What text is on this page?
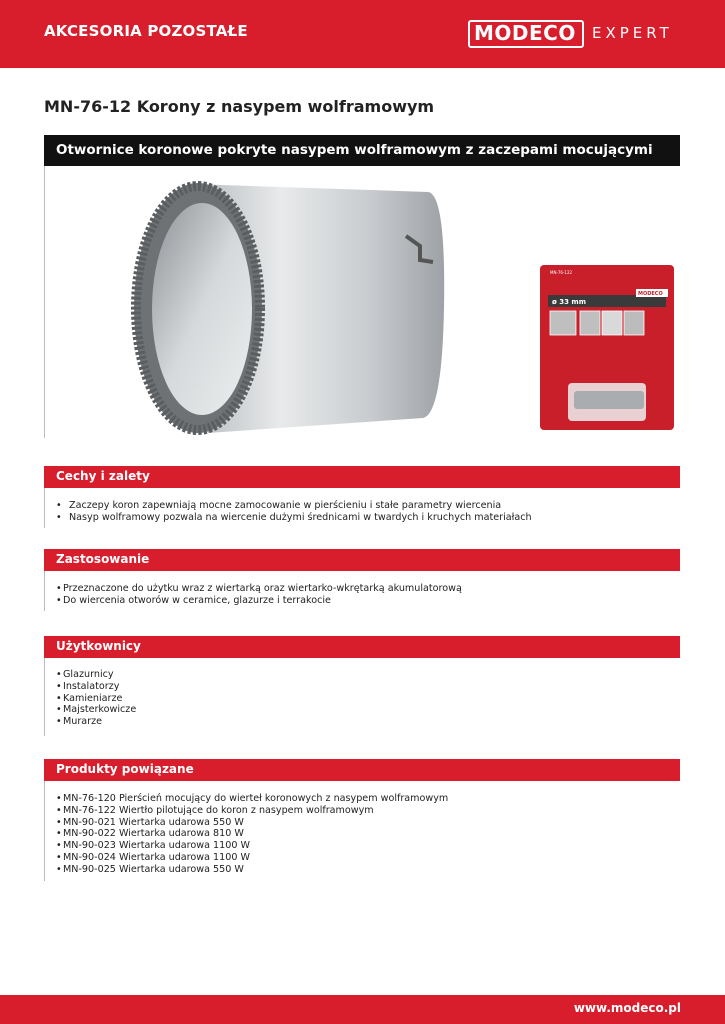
AKCESORIA POZOSTAŁE	MODECO EXPERT
MN-76-12 Korony z nasypem wolframowym
Otwornice koronowe pokryte nasypem wolframowym z zaczepami mocującymi
MN-76-122
ø 33 mm
MODECO
Cechy i zalety
• Zaczepy koron zapewniają mocne zamocowanie w pierścieniu i stałe parametry wiercenia
• Nasyp wolframowy pozwala na wiercenie dużymi średnicami w twardych i kruchych materiałach
Zastosowanie
• Przeznaczone do użytku wraz z wiertarką oraz wiertarko-wkrętarką akumulatorową
• Do wiercenia otworów w ceramice, glazurze i terrakocie
Użytkownicy
• Glazurnicy
• Instalatorzy
• Kamieniarze
• Majsterkowicze
• Murarze
Produkty powiązane
• MN-76-120 Pierścień mocujący do wierteł koronowych z nasypem wolframowym
• MN-76-122 Wiertło pilotujące do koron z nasypem wolframowym
• MN-90-021 Wiertarka udarowa 550 W
• MN-90-022 Wiertarka udarowa 810 W
• MN-90-023 Wiertarka udarowa 1100 W
• MN-90-024 Wiertarka udarowa 1100 W
• MN-90-025 Wiertarka udarowa 550 W
www.modeco.pl
